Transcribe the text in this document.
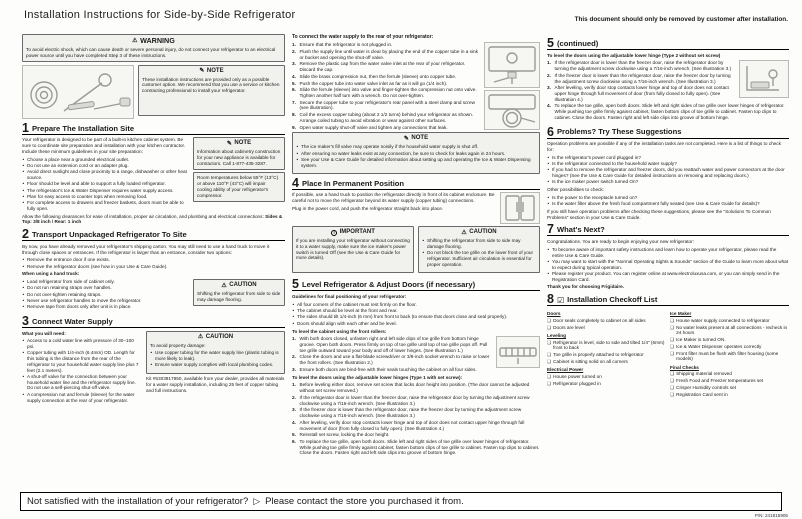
Installation Instructions for Side-by-Side Refrigerator	This document should only be removed by customer after installation.
⚠ WARNING
To avoid electric shock, which can cause death or severe personal injury, do not connect your refrigerator to an electrical power source until you have completed Step 3 of these instructions.
✎ NOTE
These installation instructions are provided only as a possible customer option. We recommend that you use a service or kitchen contracting professional to install your refrigerator.
1 Prepare The Installation Site

Your refrigerator is designed to be part of a built-in kitchen cabinet system. Be sure to coordinate site preparation and installation with your kitchen contractor. Include these minimum guidelines in your site preparation:

• Choose a place near a grounded electrical outlet.
• Do not use an extension cord or an adapter plug.
• Avoid direct sunlight and close proximity to a range, dishwasher or other heat source.
• Floor should be level and able to support a fully loaded refrigerator.
• The refrigerator's Ice & Water Dispenser requires water supply access.
• Plan for easy access to counter tops when removing food.
• For complete access to drawers and freezer baskets, doors must be able to fully open.
✎ NOTE
Information about cabinetry construction for your new appliance is available for contractors. Call 1-877-435-3287.
Room temperatures below 55°F (13°C) or above 110°F (43°C) will impair cooling ability of your refrigerator's compressor.

Allow the following clearances for ease of installation, proper air circulation, and plumbing and electrical connections: Sides & Top: 3/8 inch / Rear: 1 inch

2 Transport Unpackaged Refrigerator To Site

By now, you have already removed your refrigerator's shipping carton. You may still need to use a hand truck to move it through close spaces or entrances. If the refrigerator is larger than an entrance, consider two options:

• Remove the entrance door if one exists.
• Remove the refrigerator doors (see how in your Use & Care Guide).

When using a hand truck:

⚠ CAUTION
Shifting the refrigerator from side to side may damage flooring.
• Load refrigerator from side of cabinet only.
• Do not run retaining straps over handles.
• Do not over-tighten retaining straps.
• Never use refrigerator handles to move the refrigerator.
• Remove tape from doors only after unit is in place.
3 Connect Water Supply

What you will need:

• Access to a cold water line with pressure of 30–100 psi.
• Copper tubing with 1/4-inch (6.4mm) OD. Length for this tubing is the distance from the rear of the refrigerator to your household water supply line plus 7 feet (2.1 meters).
• A shut-off valve for the connection between your household water line and the refrigerator supply line. Do not use a self-piercing shut-off valve.
• A compression nut and ferrule (sleeve) for the water supply connection at the rear of your refrigerator.
⚠ CAUTION

To avoid property damage:

• Use copper tubing for the water supply line (plastic tubing is more likely to leak).
• Ensure water supply complies with local plumbing codes.

Kit #5303917950, available from your dealer, provides all materials for a water supply installation, including 25 feet of copper tubing and full instructions.

To connect the water supply to the rear of your refrigerator:

Ensure that the refrigerator is not plugged in.
Flush the supply line until water is clear by placing the end of the copper tube in a sink or bucket and opening the shut-off valve.
Remove the plastic cap from the water valve inlet at the rear of your refrigerator. Discard the cap.
Slide the brass compression nut, then the ferrule (sleeve) onto copper tube.
Push the copper tube into water valve inlet as far as it will go (1/4 inch).
Slide the ferrule (sleeve) into valve and finger-tighten the compression nut onto valve. Tighten another half turn with a wrench. Do not over-tighten.
Secure the copper tube to your refrigerator's rear panel with a steel clamp and screw (see illustration).
Coil the excess copper tubing (about 2 1/2 turns) behind your refrigerator as shown. Arrange coiled tubing to avoid vibration or wear against other surfaces.
Open water supply shut-off valve and tighten any connections that leak.
✎ NOTE
• The ice maker's fill valve may operate noisily if the household water supply is shut off.
• After ensuring no water leaks exist at any connection, be sure to check for leaks again in 24 hours.
• See your Use & Care Guide for detailed information about setting up and operating the Ice & Water Dispensing system.
4 Place In Permanent Position

If possible, use a hand truck to position the refrigerator directly in front of its cabinet enclosure. Be careful not to move the refrigerator beyond its water supply (copper tubing) connections.

Plug in the power cord, and push the refrigerator straight back into place.

! IMPORTANT
If you are installing your refrigerator without connecting it to a water supply, make sure the ice maker's power switch is turned Off (see the Use & Care Guide for more details).
⚠ CAUTION
• Shifting the refrigerator from side to side may damage flooring.
• Do not block the toe grille on the lower front of your refrigerator. Sufficient air circulation is essential for proper operation.
5 Level Refrigerator & Adjust Doors (if necessary)

Guidelines for final positioning of your refrigerator:

• All four corners of the cabinet must rest firmly on the floor.
• The cabinet should be level at the front and rear.
• The sides should tilt 1/4-inch (6 mm) from front to back (to ensure that doors close and seal properly).
• Doors should align with each other and be level.

To level the cabinet using the front rollers:

With both doors closed, unfasten right and left side clips of toe grille from bottom hinge groove. Open both doors. Press firmly on top of toe grille until top of toe grille pops off. Pull toe grille outward toward your body and off of lower hinges. (See Illustration 1.)
Close the doors and use a flat-blade screwdriver or 3/8-inch socket wrench to raise or lower the front rollers. (See Illustration 2.)
Ensure both doors are bind-free with their seals touching the cabinet on all four sides.

To level the doors using the adjustable lower hinges (Type 1 with set screw):

Before leveling either door, remove set screw that locks door height into position. (The door cannot be adjusted without set screw removed.)
If the refrigerator door is lower than the freezer door, raise the refrigerator door by turning the adjustment screw clockwise using a 7/16-inch wrench. (See Illustration 3.)
If the freezer door is lower than the refrigerator door, raise the freezer door by turning the adjustment screw clockwise using a 7/16-inch wrench. (See Illustration 3.)
After leveling, verify door stop contacts lower hinge and top of door does not contact upper hinge through full movement of door (from fully closed to fully open). (See Illustration 4.)
Reinstall set screw, locking the door height.
To replace the toe grille, open both doors. Slide left and right sides of toe grille over lower hinges of refrigerator. While pushing toe grille firmly against cabinet, fasten bottom clips of toe grille to cabinet. Fasten top clips to cabinet. Close the doors. Fasten right and left side clips into groove of bottom hinge.
5 (continued)

To level the doors using the adjustable lower hinge (Type 2 without set screw)

If the refrigerator door is lower than the freezer door, raise the refrigerator door by turning the adjustment screw clockwise using a 7/16-inch wrench. (See Illustration 3.)
If the freezer door is lower than the refrigerator door, raise the freezer door by turning the adjustment screw clockwise using a 7/16-inch wrench. (See Illustration 3.)
After leveling, verify door stop contacts lower hinge and top of door does not contact upper hinge through full movement of door (from fully closed to fully open). (See Illustration 4.)
To replace the toe grille, open both doors. Slide left and right sides of toe grille over lower hinges of refrigerator. While pushing toe grille firmly against cabinet, fasten bottom clips of toe grille to cabinet. Fasten top clips to cabinet. Close the doors. Fasten right and left side clips into groove of bottom hinge.
6 Problems? Try These Suggestions

Operation problems are possible if any of the installation tasks are not completed. Here is a list of things to check for:

• Is the refrigerator's power cord plugged in?
• Is the refrigerator connected to the household water supply?
• If you had to remove the refrigerator and freezer doors, did you reattach water and power connectors at the door hinges? (See the Use & Care Guide for detailed instructions on removing and replacing doors.)
• Is the ice maker power switch turned On?

Other possibilities to check:

• Is the power to the receptacle turned on?
• Is the water filter above the fresh food compartment fully seated (see Use & Care Guide for details)?

If you still have operation problems after checking these suggestions, please see the "Solutions To Common Problems" section in your Use & Care Guide.

7 What's Next?

Congratulations. You are ready to begin enjoying your new refrigerator:

• To become aware of important safety instructions and learn how to operate your refrigerator, please read the entire Use & Care Guide.
• You may want to start with the "Normal Operating Sights & Sounds" section of the Guide to learn more about what to expect during typical operation.
• Please register your product. You can register online at www.electroluxusa.com, or you can simply send in the Registration Card.

Thank you for choosing Frigidaire.

8 ☑ Installation Checkoff List
Doors
❑ Door seals completely to cabinet on all sides
❑ Doors are level
Leveling
❑ Refrigerator is level, side to side and tilted 1/4" (6mm) front to back
❑ Toe grille is properly attached to refrigerator
❑ Cabinet is sitting solid on all corners
Electrical Power
❑ House power turned on
❑ Refrigerator plugged in
Ice Maker
❑ House water supply connected to refrigerator
❑ No water leaks present at all connections - recheck in 24 hours
❑ Ice Maker is turned ON.
❑ Ice & Water Dispenser operates correctly
❑ Front filter must be flush with filter housing (some models)
Final Checks
❑ Shipping material removed
❑ Fresh Food and Freezer temperatures set
❑ Crisper Humidity controls set
❑ Registration Card sent in
Not satisfied with the installation of your refrigerator? ▷ Please contact the store you purchased it from.
P/N: 241815905
